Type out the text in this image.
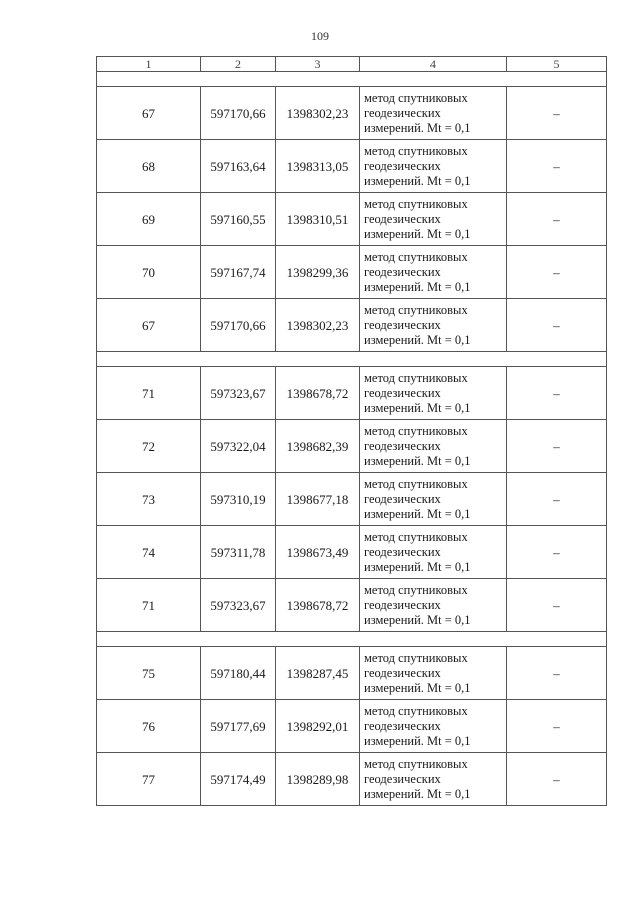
109
1	2	3	4	5

67	597170,66	1398302,23	метод спутниковых
геодезических
измерений. Mt = 0,1	–
68	597163,64	1398313,05	метод спутниковых
геодезических
измерений. Mt = 0,1	–
69	597160,55	1398310,51	метод спутниковых
геодезических
измерений. Mt = 0,1	–
70	597167,74	1398299,36	метод спутниковых
геодезических
измерений. Mt = 0,1	–
67	597170,66	1398302,23	метод спутниковых
геодезических
измерений. Mt = 0,1	–

71	597323,67	1398678,72	метод спутниковых
геодезических
измерений. Mt = 0,1	–
72	597322,04	1398682,39	метод спутниковых
геодезических
измерений. Mt = 0,1	–
73	597310,19	1398677,18	метод спутниковых
геодезических
измерений. Mt = 0,1	–
74	597311,78	1398673,49	метод спутниковых
геодезических
измерений. Mt = 0,1	–
71	597323,67	1398678,72	метод спутниковых
геодезических
измерений. Mt = 0,1	–

75	597180,44	1398287,45	метод спутниковых
геодезических
измерений. Mt = 0,1	–
76	597177,69	1398292,01	метод спутниковых
геодезических
измерений. Mt = 0,1	–
77	597174,49	1398289,98	метод спутниковых
геодезических
измерений. Mt = 0,1	–
